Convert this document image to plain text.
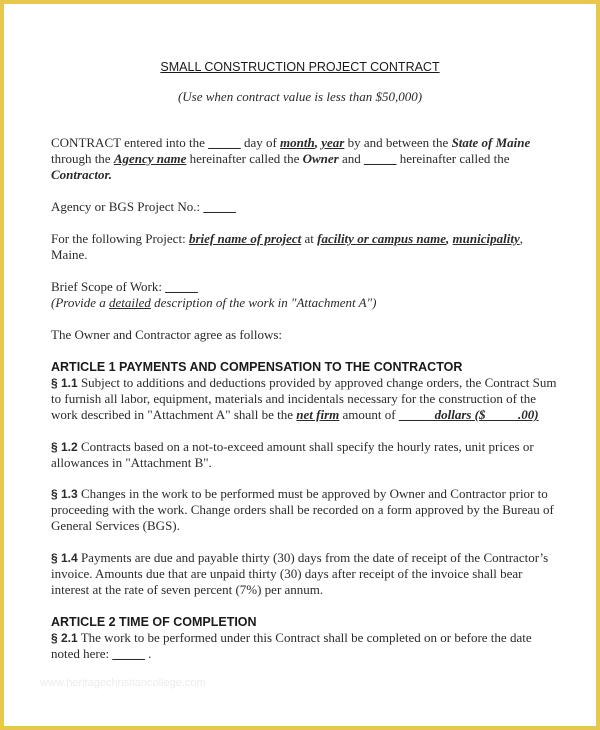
SMALL CONSTRUCTION PROJECT CONTRACT
(Use when contract value is less than $50,000)
CONTRACT entered into the _____ day of month, year by and between the State of Maine
through the Agency name hereinafter called the Owner and _____ hereinafter called the
Contractor.
Agency or BGS Project No.: _____
For the following Project: brief name of project at facility or campus name, municipality,
Maine.
Brief Scope of Work: _____
(Provide a detailed description of the work in "Attachment A")
The Owner and Contractor agree as follows:
ARTICLE 1 PAYMENTS AND COMPENSATION TO THE CONTRACTOR
§ 1.1 Subject to additions and deductions provided by approved change orders, the Contract Sum
to furnish all labor, equipment, materials and incidentals necessary for the construction of the
work described in "Attachment A" shall be the net firm amount of _____ dollars ($_____.00)
§ 1.2 Contracts based on a not-to-exceed amount shall specify the hourly rates, unit prices or
allowances in "Attachment B".
§ 1.3 Changes in the work to be performed must be approved by Owner and Contractor prior to
proceeding with the work. Change orders shall be recorded on a form approved by the Bureau of
General Services (BGS).
§ 1.4 Payments are due and payable thirty (30) days from the date of receipt of the Contractor’s
invoice. Amounts due that are unpaid thirty (30) days after receipt of the invoice shall bear
interest at the rate of seven percent (7%) per annum.
ARTICLE 2 TIME OF COMPLETION
§ 2.1 The work to be performed under this Contract shall be completed on or before the date
noted here: _____ .
www.heritagechristiancollege.com
